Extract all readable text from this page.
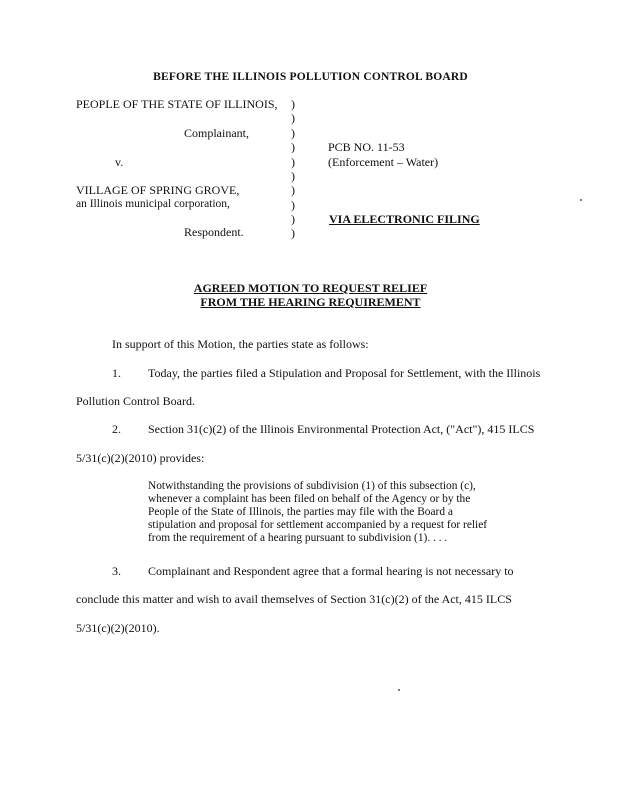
BEFORE THE ILLINOIS POLLUTION CONTROL BOARD
PEOPLE OF THE STATE OF ILLINOIS,
Complainant,
v.
VILLAGE OF SPRING GROVE,
an Illinois municipal corporation,
Respondent.
)
)
)
)
)
)
)
)
)
)
PCB NO. 11-53
(Enforcement – Water)
VIA ELECTRONIC FILING
AGREED MOTION TO REQUEST RELIEF
FROM THE HEARING REQUIREMENT
In support of this Motion, the parties state as follows:
1. Today, the parties filed a Stipulation and Proposal for Settlement, with the Illinois
Pollution Control Board.
2. Section 31(c)(2) of the Illinois Environmental Protection Act, ("Act"), 415 ILCS
5/31(c)(2)(2010) provides:
Notwithstanding the provisions of subdivision (1) of this subsection (c),
whenever a complaint has been filed on behalf of the Agency or by the
People of the State of Illinois, the parties may file with the Board a
stipulation and proposal for settlement accompanied by a request for relief
from the requirement of a hearing pursuant to subdivision (1). . . .
3. Complainant and Respondent agree that a formal hearing is not necessary to
conclude this matter and wish to avail themselves of Section 31(c)(2) of the Act, 415 ILCS
5/31(c)(2)(2010).
